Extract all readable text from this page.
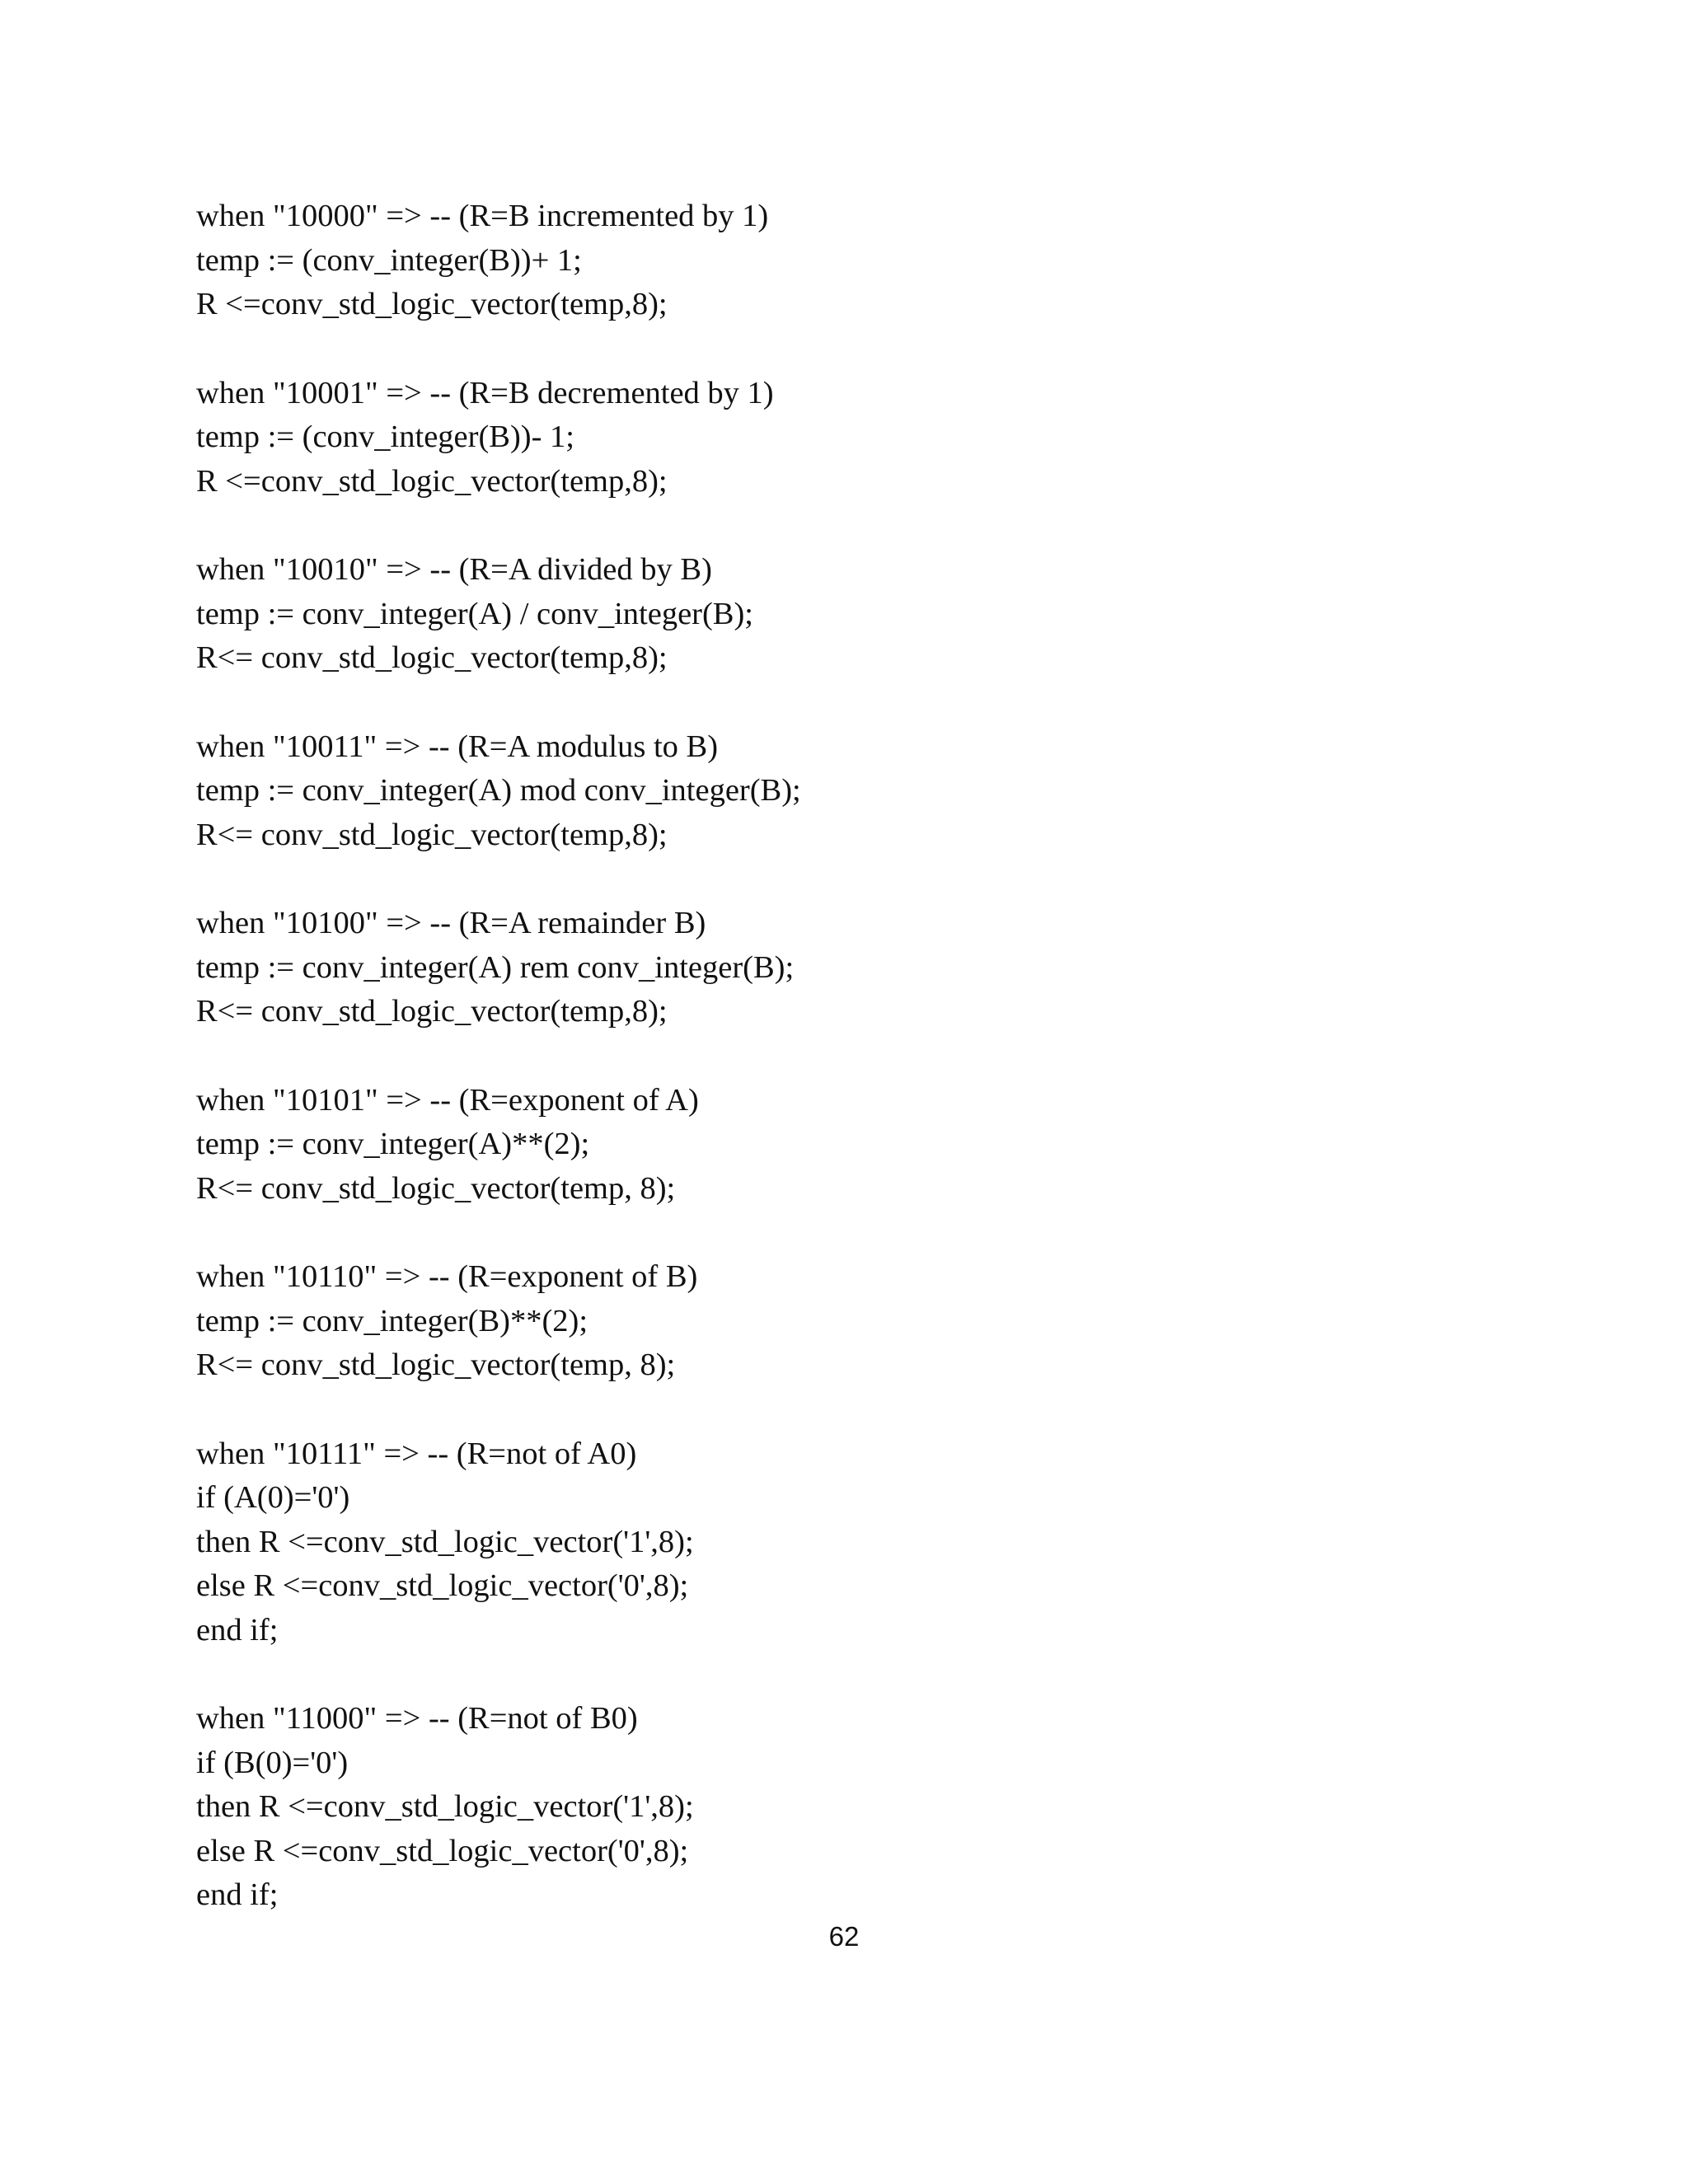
when "10000" => -- (R=B incremented by 1)
temp := (conv_integer(B))+ 1;
R <=conv_std_logic_vector(temp,8);
when "10001" => -- (R=B decremented by 1)
temp := (conv_integer(B))- 1;
R <=conv_std_logic_vector(temp,8);
when "10010" => -- (R=A divided by B)
temp := conv_integer(A) / conv_integer(B);
R<= conv_std_logic_vector(temp,8);
when "10011" => -- (R=A modulus to B)
temp := conv_integer(A) mod conv_integer(B);
R<= conv_std_logic_vector(temp,8);
when "10100" => -- (R=A remainder B)
temp := conv_integer(A) rem conv_integer(B);
R<= conv_std_logic_vector(temp,8);
when "10101" => -- (R=exponent of A)
temp := conv_integer(A)**(2);
R<= conv_std_logic_vector(temp, 8);
when "10110" => -- (R=exponent of B)
temp := conv_integer(B)**(2);
R<= conv_std_logic_vector(temp, 8);
when "10111" => -- (R=not of A0)
if (A(0)='0')
then R <=conv_std_logic_vector('1',8);
else R <=conv_std_logic_vector('0',8);
end if;
when "11000" => -- (R=not of B0)
if (B(0)='0')
then R <=conv_std_logic_vector('1',8);
else R <=conv_std_logic_vector('0',8);
end if;
62
